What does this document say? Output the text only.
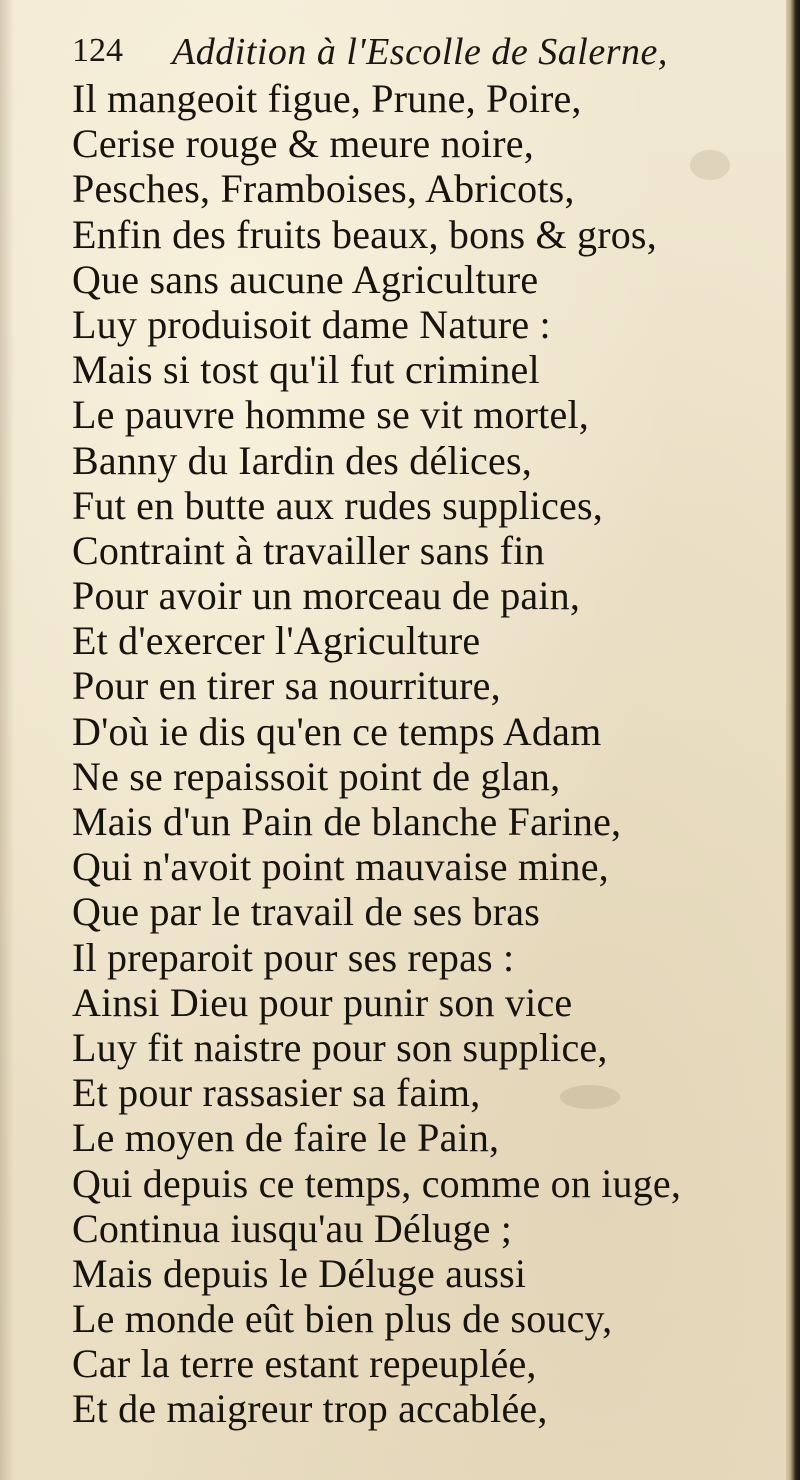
124 Addition à l'Escolle de Salerne,
Il mangeoit figue, Prune, Poire,
Cerise rouge & meure noire,
Pesches, Framboises, Abricots,
Enfin des fruits beaux, bons & gros,
Que sans aucune Agriculture
Luy produisoit dame Nature :
Mais si tost qu'il fut criminel
Le pauvre homme se vit mortel,
Banny du Iardin des délices,
Fut en butte aux rudes supplices,
Contraint à travailler sans fin
Pour avoir un morceau de pain,
Et d'exercer l'Agriculture
Pour en tirer sa nourriture,
D'où ie dis qu'en ce temps Adam
Ne se repaissoit point de glan,
Mais d'un Pain de blanche Farine,
Qui n'avoit point mauvaise mine,
Que par le travail de ses bras
Il preparoit pour ses repas :
Ainsi Dieu pour punir son vice
Luy fit naistre pour son supplice,
Et pour rassasier sa faim,
Le moyen de faire le Pain,
Qui depuis ce temps, comme on iuge,
Continua iusqu'au Déluge ;
Mais depuis le Déluge aussi
Le monde eût bien plus de soucy,
Car la terre estant repeuplée,
Et de maigreur trop accablée,
